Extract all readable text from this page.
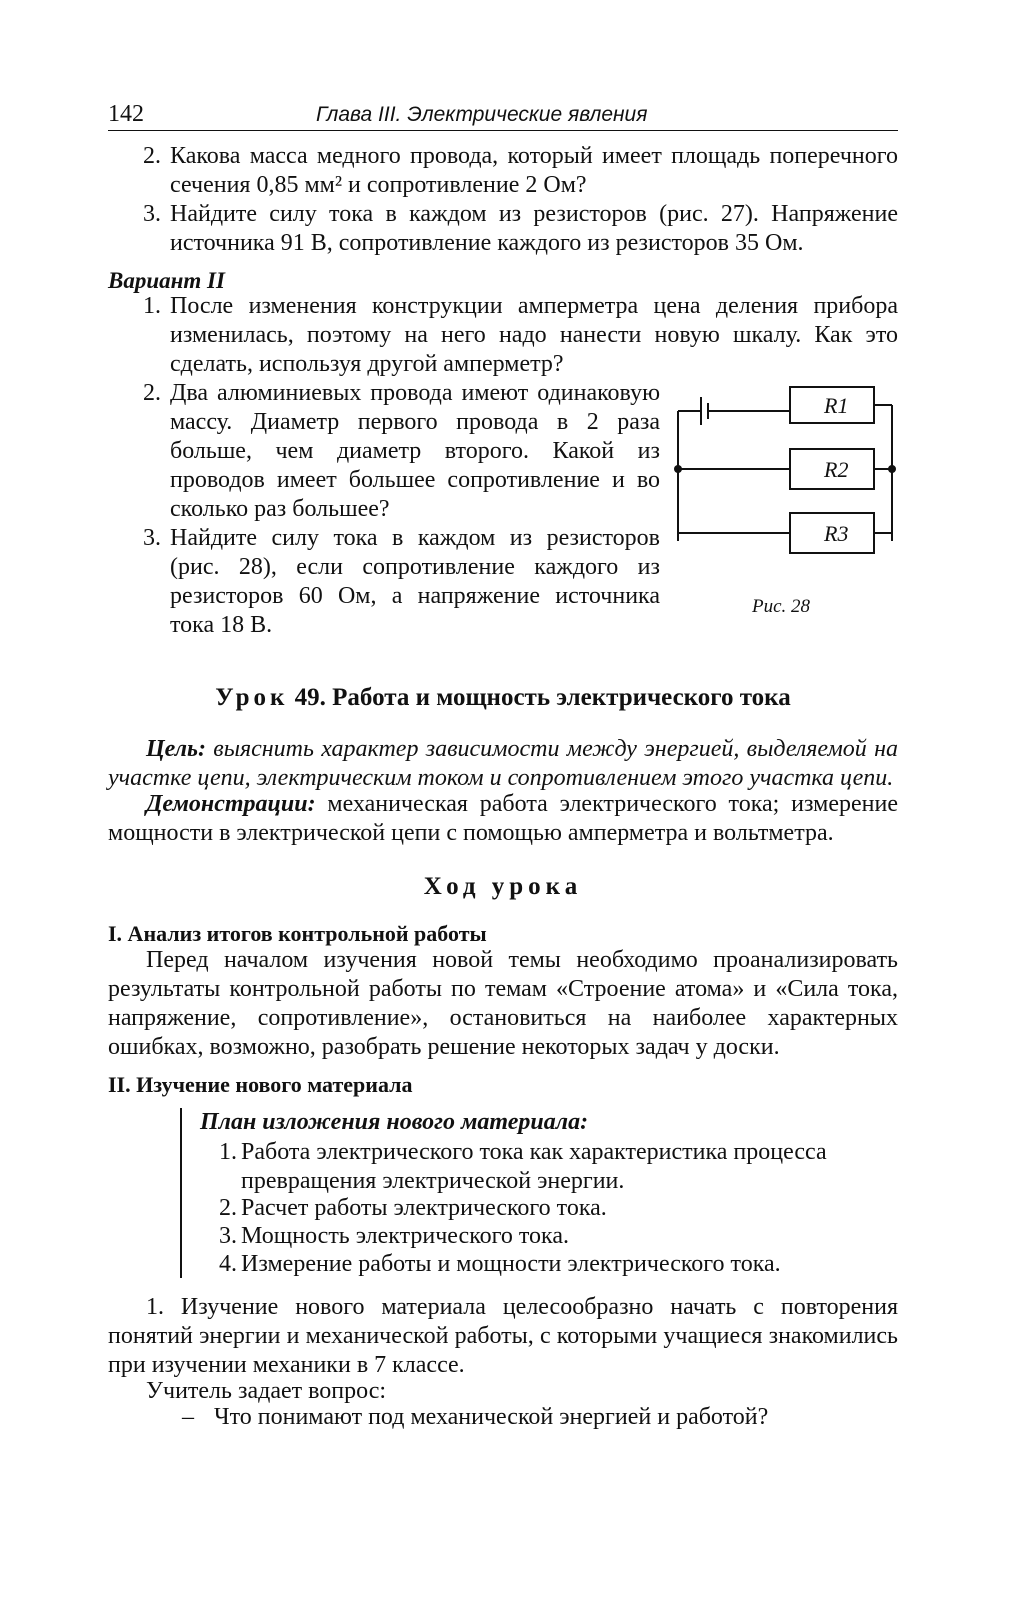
142	Глава III. Электрические явления
2. Какова масса медного провода, который имеет площадь поперечного сечения 0,85 мм² и сопротивление 2 Ом?
3. Найдите силу тока в каждом из резисторов (рис. 27). Напряжение источника 91 В, сопротивление каждого из резисторов 35 Ом.
Вариант II
1. После изменения конструкции амперметра цена деления прибора изменилась, поэтому на него надо нанести новую шкалу. Как это сделать, используя другой амперметр?
2. Два алюминиевых провода имеют одинаковую массу. Диаметр первого провода в 2 раза больше, чем диаметр второго. Какой из проводов имеет большее сопротивление и во сколько раз большее?
3. Найдите силу тока в каждом из резисторов (рис. 28), если сопротивление каждого из резисторов 60 Ом, а напряжение источника тока 18 В.
R1
R2
R3
Рис. 28
Урок 49. Работа и мощность электрического тока
Цель: выяснить характер зависимости между энергией, выделяемой на участке цепи, электрическим током и сопротивлением этого участка цепи.
Демонстрации: механическая работа электрического тока; измерение мощности в электрической цепи с помощью амперметра и вольтметра.
Ход урока
I. Анализ итогов контрольной работы
Перед началом изучения новой темы необходимо проанализировать результаты контрольной работы по темам «Строение атома» и «Сила тока, напряжение, сопротивление», остановиться на наиболее характерных ошибках, возможно, разобрать решение некоторых задач у доски.
II. Изучение нового материала
План изложения нового материала:
1. Работа электрического тока как характеристика процесса превращения электрической энергии.
2. Расчет работы электрического тока.
3. Мощность электрического тока.
4. Измерение работы и мощности электрического тока.
1. Изучение нового материала целесообразно начать с повторения понятий энергии и механической работы, с которыми учащиеся знакомились при изучении механики в 7 классе.
Учитель задает вопрос:
– Что понимают под механической энергией и работой?
